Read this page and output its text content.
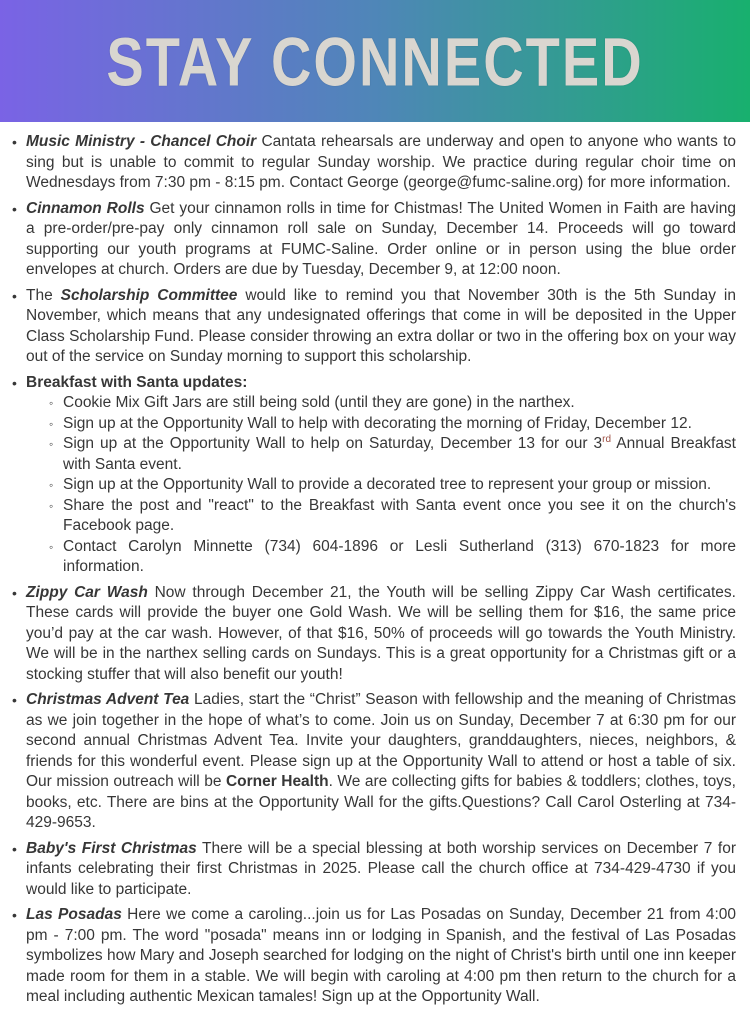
STAY CONNECTED
• Music Ministry - Chancel Choir Cantata rehearsals are underway and open to anyone who wants to sing but is unable to commit to regular Sunday worship. We practice during regular choir time on Wednesdays from 7:30 pm - 8:15 pm. Contact George (george@fumc-saline.org) for more information.
• Cinnamon Rolls Get your cinnamon rolls in time for Chistmas! The United Women in Faith are having a pre-order/pre-pay only cinnamon roll sale on Sunday, December 14. Proceeds will go toward supporting our youth programs at FUMC-Saline. Order online or in person using the blue order envelopes at church. Orders are due by Tuesday, December 9, at 12:00 noon.
• The Scholarship Committee would like to remind you that November 30th is the 5th Sunday in November, which means that any undesignated offerings that come in will be deposited in the Upper Class Scholarship Fund. Please consider throwing an extra dollar or two in the offering box on your way out of the service on Sunday morning to support this scholarship.
• Breakfast with Santa updates:
◦ Cookie Mix Gift Jars are still being sold (until they are gone) in the narthex.
◦ Sign up at the Opportunity Wall to help with decorating the morning of Friday, December 12.
◦ Sign up at the Opportunity Wall to help on Saturday, December 13 for our 3rd Annual Breakfast with Santa event.
◦ Sign up at the Opportunity Wall to provide a decorated tree to represent your group or mission.
◦ Share the post and "react" to the Breakfast with Santa event once you see it on the church's Facebook page.
◦ Contact Carolyn Minnette (734) 604-1896 or Lesli Sutherland (313) 670-1823 for more information.
• Zippy Car Wash Now through December 21, the Youth will be selling Zippy Car Wash certificates. These cards will provide the buyer one Gold Wash. We will be selling them for $16, the same price you’d pay at the car wash. However, of that $16, 50% of proceeds will go towards the Youth Ministry. We will be in the narthex selling cards on Sundays. This is a great opportunity for a Christmas gift or a stocking stuffer that will also benefit our youth!
• Christmas Advent Tea Ladies, start the “Christ” Season with fellowship and the meaning of Christmas as we join together in the hope of what’s to come. Join us on Sunday, December 7 at 6:30 pm for our second annual Christmas Advent Tea. Invite your daughters, granddaughters, nieces, neighbors, & friends for this wonderful event. Please sign up at the Opportunity Wall to attend or host a table of six. Our mission outreach will be Corner Health. We are collecting gifts for babies & toddlers; clothes, toys, books, etc. There are bins at the Opportunity Wall for the gifts.Questions? Call Carol Osterling at 734-429-9653.
• Baby's First Christmas There will be a special blessing at both worship services on December 7 for infants celebrating their first Christmas in 2025. Please call the church office at 734-429-4730 if you would like to participate.
• Las Posadas Here we come a caroling...join us for Las Posadas on Sunday, December 21 from 4:00 pm - 7:00 pm. The word "posada" means inn or lodging in Spanish, and the festival of Las Posadas symbolizes how Mary and Joseph searched for lodging on the night of Christ's birth until one inn keeper made room for them in a stable. We will begin with caroling at 4:00 pm then return to the church for a meal including authentic Mexican tamales! Sign up at the Opportunity Wall.
